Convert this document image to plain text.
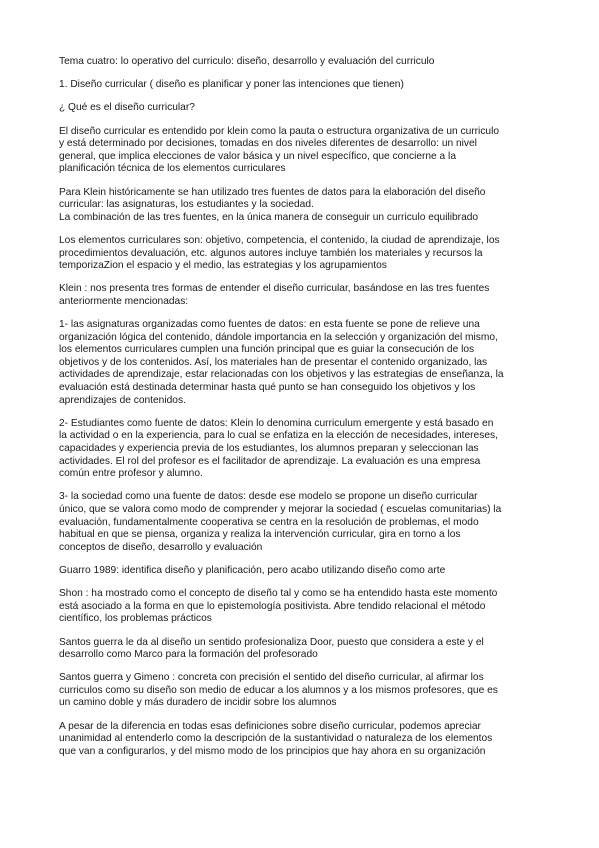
Tema cuatro: lo operativo del curriculo: diseño, desarrollo y evaluación del curriculo

1. Diseño curricular ( diseño es planificar y poner las intenciones que tienen)

¿ Qué es el diseño curricular?

El diseño curricular es entendido por klein como la pauta o estructura organizativa de un curriculo
y está determinado por decisiones, tomadas en dos niveles diferentes de desarrollo: un nivel
general, que implica elecciones de valor básica y un nivel específico, que concierne a la
planificación técnica de los elementos curriculares

Para Klein históricamente se han utilizado tres fuentes de datos para la elaboración del diseño
curricular: las asignaturas, los estudiantes y la sociedad.
La combinación de las tres fuentes, en la única manera de conseguir un curriculo equilibrado

Los elementos curriculares son: objetivo, competencia, el contenido, la ciudad de aprendizaje, los
procedimientos devaluación, etc. algunos autores incluye también los materiales y recursos la
temporizaZion el espacio y el medio, las estrategias y los agrupamientos

Klein : nos presenta tres formas de entender el diseño curricular, basándose en las tres fuentes
anteriormente mencionadas:

1- las asignaturas organizadas como fuentes de datos: en esta fuente se pone de relieve una
organización lógica del contenido, dándole importancia en la selección y organización del mismo,
los elementos curriculares cumplen una función principal que es guiar la consecución de los
objetivos y de los contenidos. Así, los materiales han de presentar el contenido organizado, las
actividades de aprendizaje, estar relacionadas con los objetivos y las estrategias de enseñanza, la
evaluación está destinada determinar hasta qué punto se han conseguido los objetivos y los
aprendizajes de contenidos.

2- Estudiantes como fuente de datos: Klein lo denomina curriculum emergente y está basado en
la actividad o en la experiencia, para lo cual se enfatiza en la elección de necesidades, intereses,
capacidades y experiencia previa de los estudiantes, los alumnos preparan y seleccionan las
actividades. El rol del profesor es el facilitador de aprendizaje. La evaluación es una empresa
común entre profesor y alumno.

3- la sociedad como una fuente de datos: desde ese modelo se propone un diseño curricular
único, que se valora como modo de comprender y mejorar la sociedad ( escuelas comunitarias) la
evaluación, fundamentalmente cooperativa se centra en la resolución de problemas, el modo
habitual en que se piensa, organiza y realiza la intervención curricular, gira en torno a los
conceptos de diseño, desarrollo y evaluación

Guarro 1989: identifica diseño y planificación, pero acabo utilizando diseño como arte

Shon : ha mostrado como el concepto de diseño tal y como se ha entendido hasta este momento
está asociado a la forma en que lo epistemología positivista. Abre tendido relacional el método
científico, los problemas prácticos

Santos guerra le da al diseño un sentido profesionaliza Door, puesto que considera a este y el
desarrollo como Marco para la formación del profesorado

Santos guerra y Gimeno : concreta con precisión el sentido del diseño curricular, al afirmar los
curriculos como su diseño son medio de educar a los alumnos y a los mismos profesores, que es
un camino doble y más duradero de incidir sobre los alumnos

A pesar de la diferencia en todas esas definiciones sobre diseño curricular, podemos apreciar
unanimidad al entenderlo como la descripción de la sustantividad o naturaleza de los elementos
que van a configurarlos, y del mismo modo de los principios que hay ahora en su organización
